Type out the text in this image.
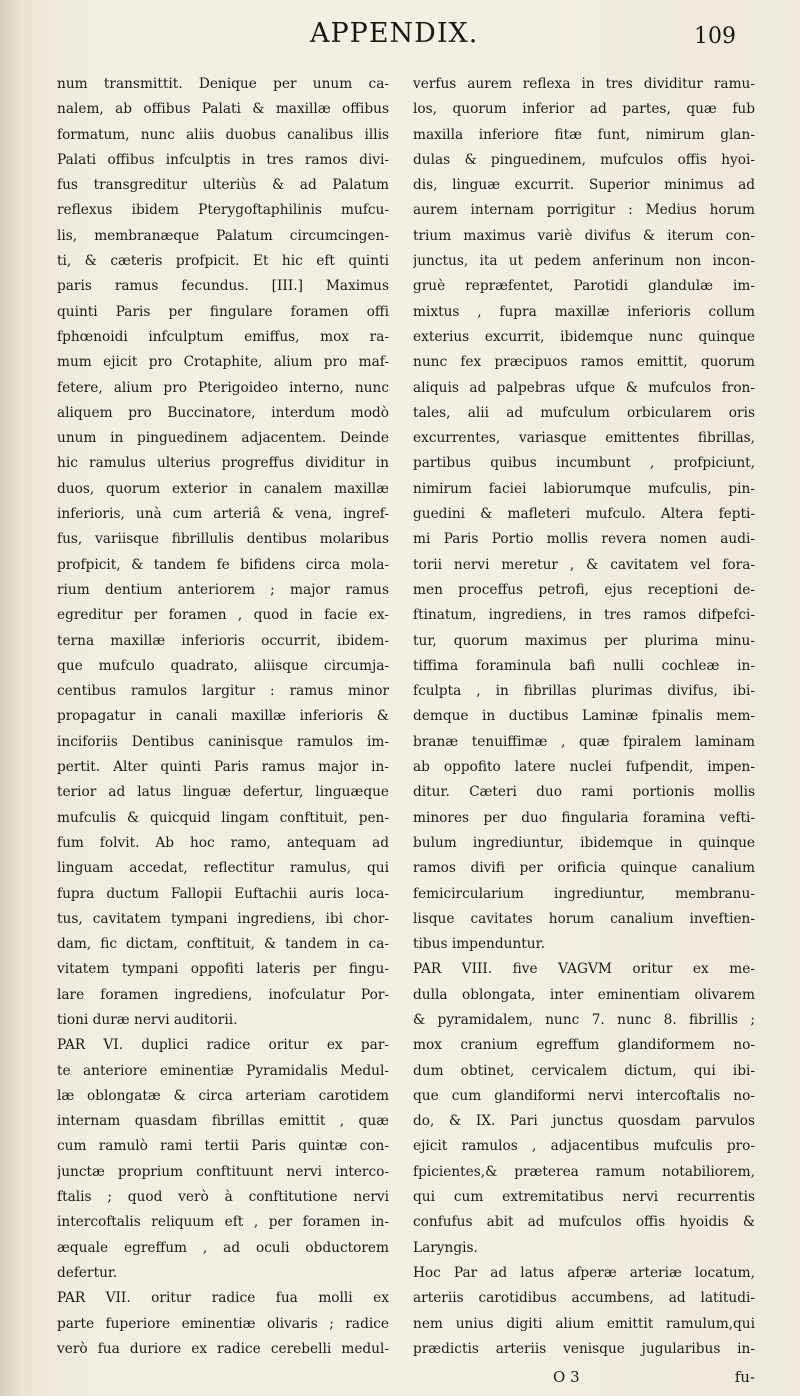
APPENDIX.	109
num transmittit. Denique per unum ca-
nalem, ab offibus Palati & maxillæ offibus
formatum, nunc aliis duobus canalibus illis
Palati offibus infculptis in tres ramos divi-
fus transgreditur ulteriùs & ad Palatum
reflexus ibidem Pterygoftaphilinis mufcu-
lis, membranæque Palatum circumcingen-
ti, & cæteris profpicit. Et hic eft quinti
paris ramus fecundus. [III.] Maximus
quinti Paris per fingulare foramen offi
fphœnoidi infculptum emiffus, mox ra-
mum ejicit pro Crotaphite, alium pro maf-
fetere, alium pro Pterigoideo interno, nunc
aliquem pro Buccinatore, interdum modò
unum in pinguedinem adjacentem. Deinde
hic ramulus ulterius progreffus dividitur in
duos, quorum exterior in canalem maxillæ
inferioris, unà cum arteriâ & vena, ingref-
fus, variisque fibrillulis dentibus molaribus
profpicit, & tandem fe bifidens circa mola-
rium dentium anteriorem ; major ramus
egreditur per foramen , quod in facie ex-
terna maxillæ inferioris occurrit, ibidem-
que mufculo quadrato, aliisque circumja-
centibus ramulos largitur : ramus minor
propagatur in canali maxillæ inferioris &
inciforiis Dentibus caninisque ramulos im-
pertit. Alter quinti Paris ramus major in-
terior ad latus linguæ defertur, linguæque
mufculis & quicquid lingam conftituit, pen-
fum folvit. Ab hoc ramo, antequam ad
linguam accedat, reflectitur ramulus, qui
fupra ductum Fallopii Euftachii auris loca-
tus, cavitatem tympani ingrediens, ibi chor-
dam, fic dictam, conftituit, & tandem in ca-
vitatem tympani oppofiti lateris per fingu-
lare foramen ingrediens, inofculatur Por-
tioni duræ nervi auditorii.
PAR VI. duplici radice oritur ex par-
te anteriore eminentiæ Pyramidalis Medul-
læ oblongatæ & circa arteriam carotidem
internam quasdam fibrillas emittit , quæ
cum ramulò rami tertii Paris quintæ con-
junctæ proprium conftituunt nervi interco-
ftalis ; quod verò à conftitutione nervi
intercoftalis reliquum eft , per foramen in-
æquale egreffum , ad oculi obductorem
defertur.
PAR VII. oritur radice fua molli ex
parte fuperiore eminentiæ olivaris ; radice
verò fua duriore ex radice cerebelli medul-
verfus aurem reflexa in tres dividitur ramu-
los, quorum inferior ad partes, quæ fub
maxilla inferiore fitæ funt, nimirum glan-
dulas & pinguedinem, mufculos offis hyoi-
dis, linguæ excurrit. Superior minimus ad
aurem internam porrigitur : Medius horum
trium maximus variè divifus & iterum con-
junctus, ita ut pedem anferinum non incon-
gruè repræfentet, Parotidi glandulæ im-
mixtus , fupra maxillæ inferioris collum
exterius excurrit, ibidemque nunc quinque
nunc fex præcipuos ramos emittit, quorum
aliquis ad palpebras ufque & mufculos fron-
tales, alii ad mufculum orbicularem oris
excurrentes, variasque emittentes fibrillas,
partibus quibus incumbunt , profpiciunt,
nimirum faciei labiorumque mufculis, pin-
guedini & mafleteri mufculo. Altera fepti-
mi Paris Portio mollis revera nomen audi-
torii nervi meretur , & cavitatem vel fora-
men proceffus petrofi, ejus receptioni de-
ftinatum, ingrediens, in tres ramos difpefci-
tur, quorum maximus per plurima minu-
tiffima foraminula bafi nulli cochleæ in-
fculpta , in fibrillas plurimas divifus, ibi-
demque in ductibus Laminæ fpinalis mem-
branæ tenuiffimæ , quæ fpiralem laminam
ab oppofito latere nuclei fufpendit, impen-
ditur. Cæteri duo rami portionis mollis
minores per duo fingularia foramina vefti-
bulum ingrediuntur, ibidemque in quinque
ramos divifi per orificia quinque canalium
femicircularium ingrediuntur, membranu-
lisque cavitates horum canalium inveftien-
tibus impenduntur.
PAR VIII. five VAGVM oritur ex me-
dulla oblongata, inter eminentiam olivarem
& pyramidalem, nunc 7. nunc 8. fibrillis ;
mox cranium egreffum glandiformem no-
dum obtinet, cervicalem dictum, qui ibi-
que cum glandiformi nervi intercoftalis no-
do, & IX. Pari junctus quosdam parvulos
ejicit ramulos , adjacentibus mufculis pro-
fpicientes,& prætereа ramum notabiliorem,
qui cum extremitatibus nervi recurrentis
confufus abit ad mufculos offis hyoidis &
Laryngis.
Hoc Par ad latus afperæ arteriæ locatum,
arteriis carotidibus accumbens, ad latitudi-
nem unius digiti alium emittit ramulum,qui
prædictis arteriis venisque jugularibus in-
O 3	fu-
